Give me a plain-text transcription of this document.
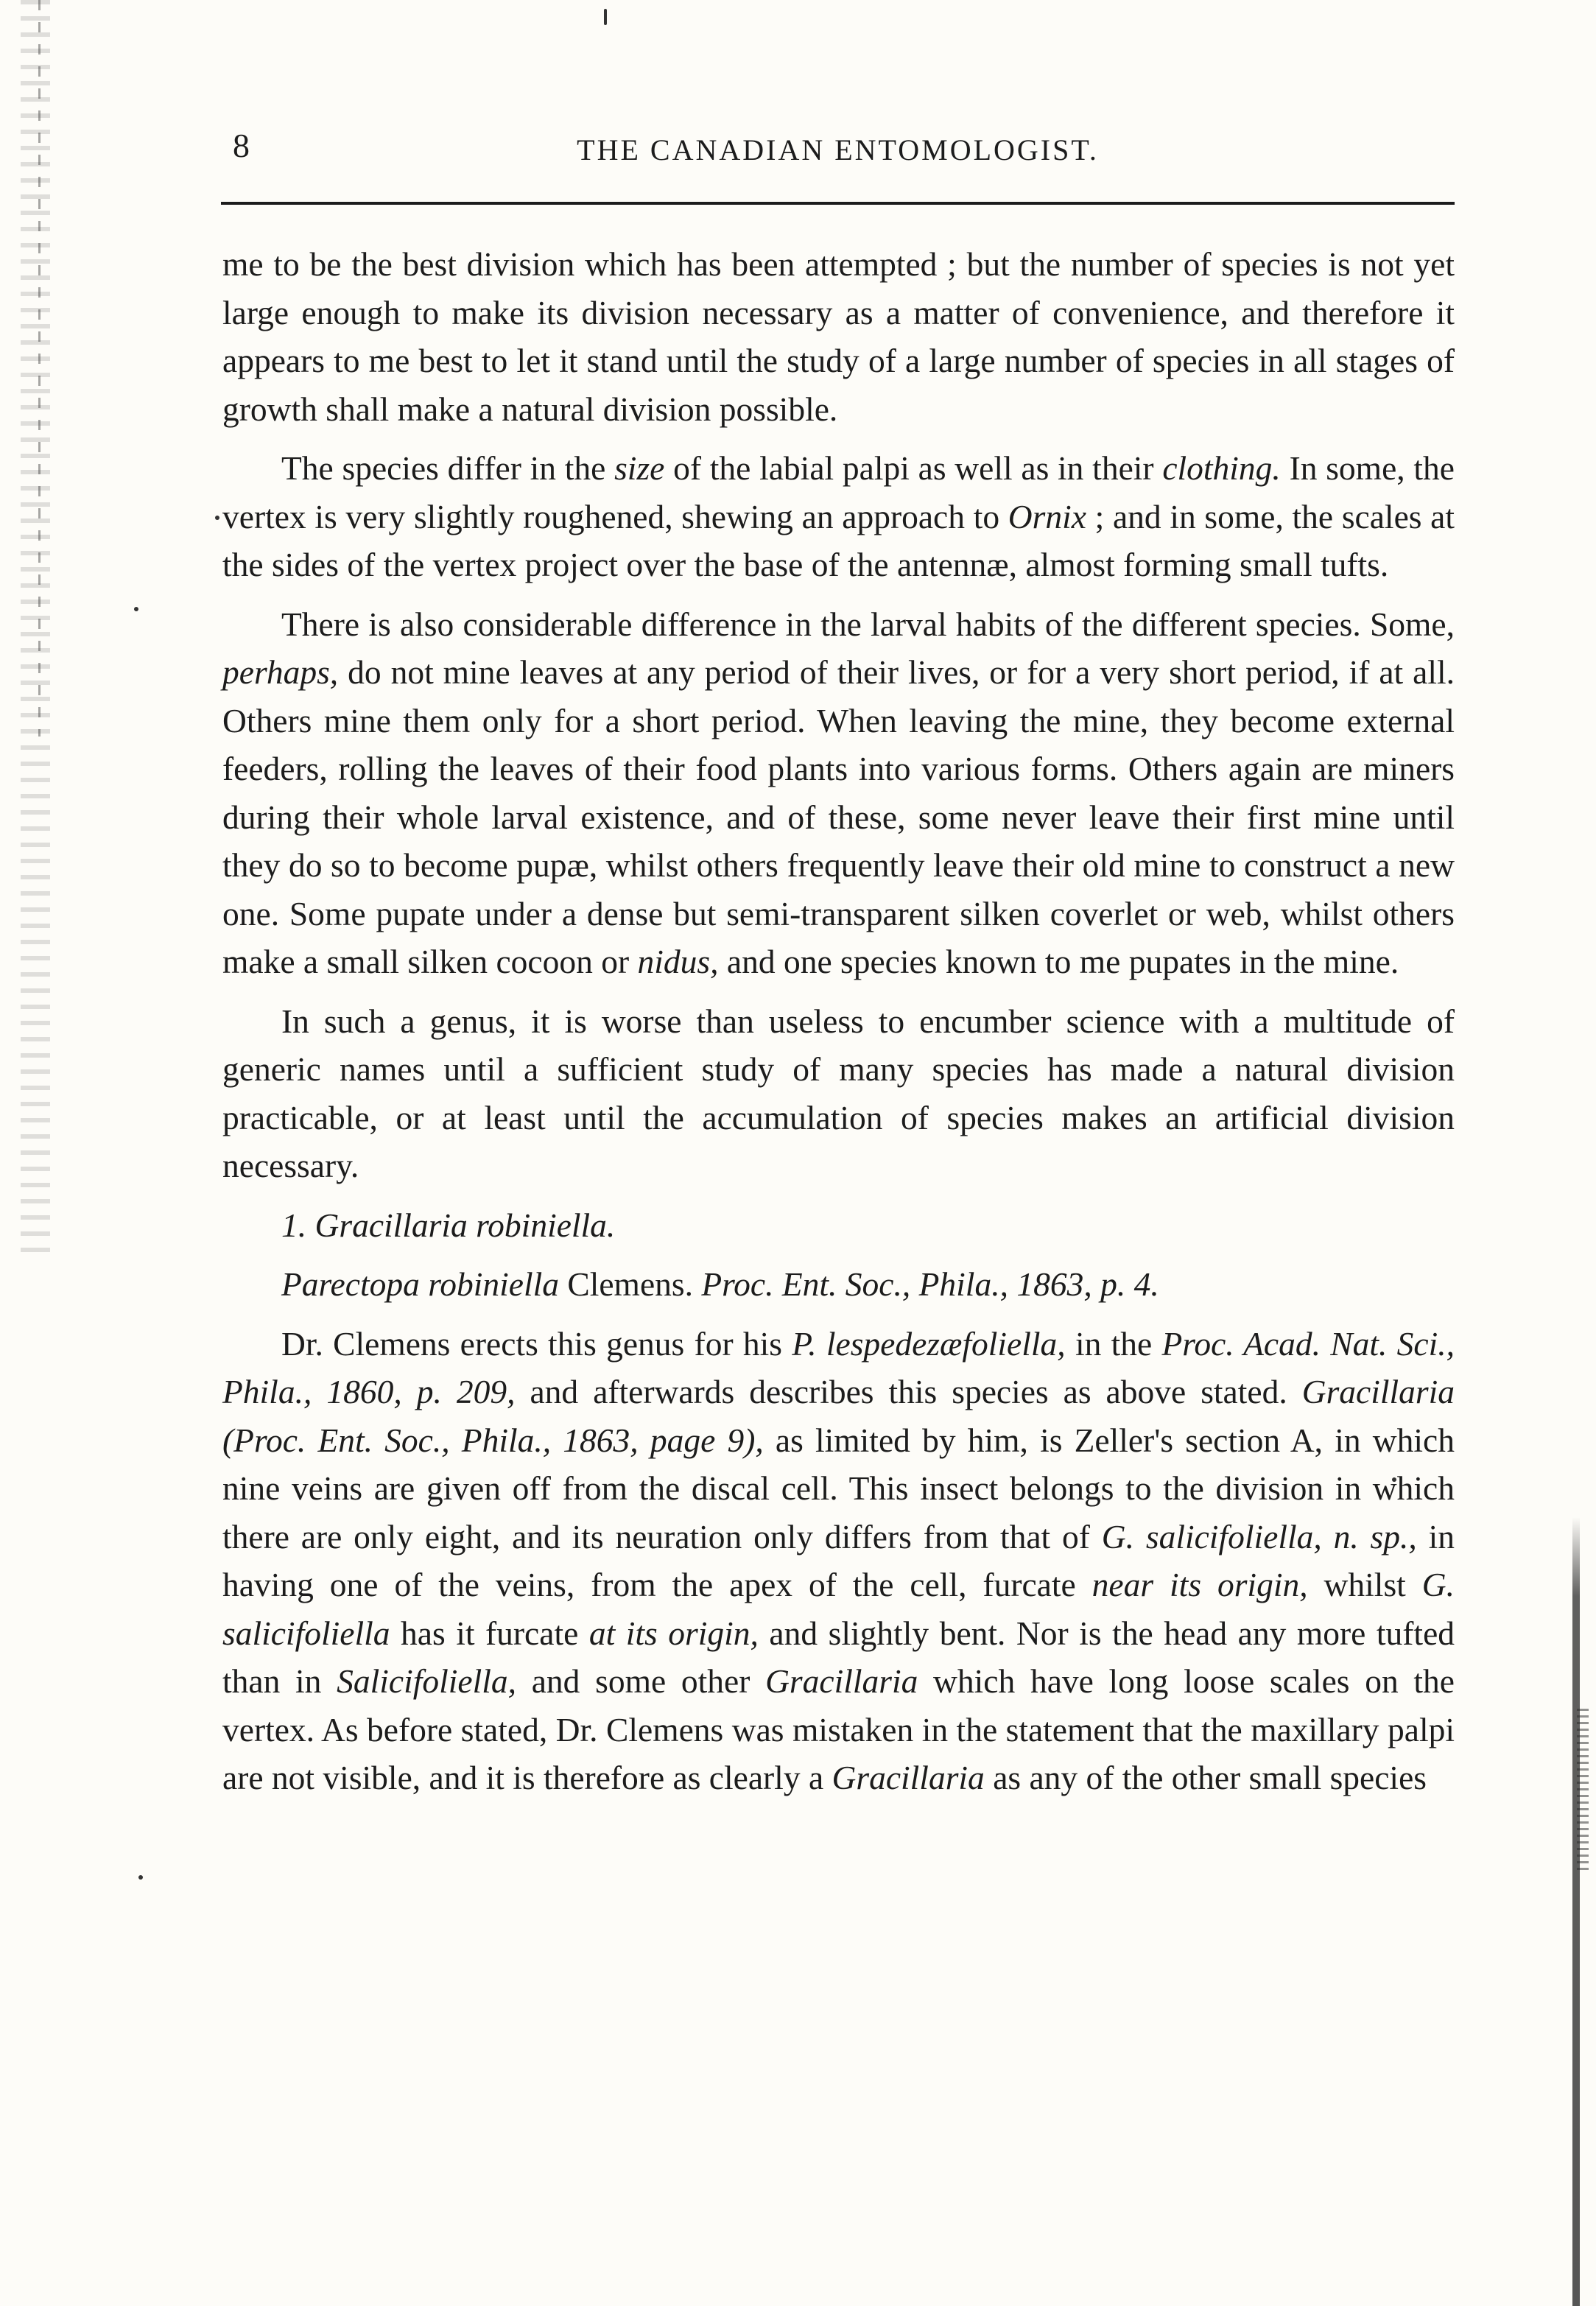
8	THE CANADIAN ENTOMOLOGIST.

me to be the best division which has been attempted ; but the number of species is not yet large enough to make its division necessary as a matter of convenience, and therefore it appears to me best to let it stand until the study of a large number of species in all stages of growth shall make a natural division possible.

The species differ in the size of the labial palpi as well as in their clothing. In some, the vertex is very slightly roughened, shewing an approach to Ornix ; and in some, the scales at the sides of the vertex project over the base of the antennæ, almost forming small tufts.

There is also considerable difference in the larval habits of the different species. Some, perhaps, do not mine leaves at any period of their lives, or for a very short period, if at all. Others mine them only for a short period. When leaving the mine, they become external feeders, rolling the leaves of their food plants into various forms. Others again are miners during their whole larval existence, and of these, some never leave their first mine until they do so to become pupæ, whilst others frequently leave their old mine to construct a new one. Some pupate under a dense but semi-transparent silken coverlet or web, whilst others make a small silken cocoon or nidus, and one species known to me pupates in the mine.

In such a genus, it is worse than useless to encumber science with a multitude of generic names until a sufficient study of many species has made a natural division practicable, or at least until the accumulation of species makes an artificial division necessary.

1. Gracillaria robiniella.

Parectopa robiniella Clemens. Proc. Ent. Soc., Phila., 1863, p. 4.

Dr. Clemens erects this genus for his P. lespedezæfoliella, in the Proc. Acad. Nat. Sci., Phila., 1860, p. 209, and afterwards describes this species as above stated. Gracillaria (Proc. Ent. Soc., Phila., 1863, page 9), as limited by him, is Zeller's section A, in which nine veins are given off from the discal cell. This insect belongs to the division in which there are only eight, and its neuration only differs from that of G. salicifoliella, n. sp., in having one of the veins, from the apex of the cell, furcate near its origin, whilst G. salicifoliella has it furcate at its origin, and slightly bent. Nor is the head any more tufted than in Salicifoliella, and some other Gracillaria which have long loose scales on the vertex. As before stated, Dr. Clemens was mistaken in the statement that the maxillary palpi are not visible, and it is therefore as clearly a Gracillaria as any of the other small species
